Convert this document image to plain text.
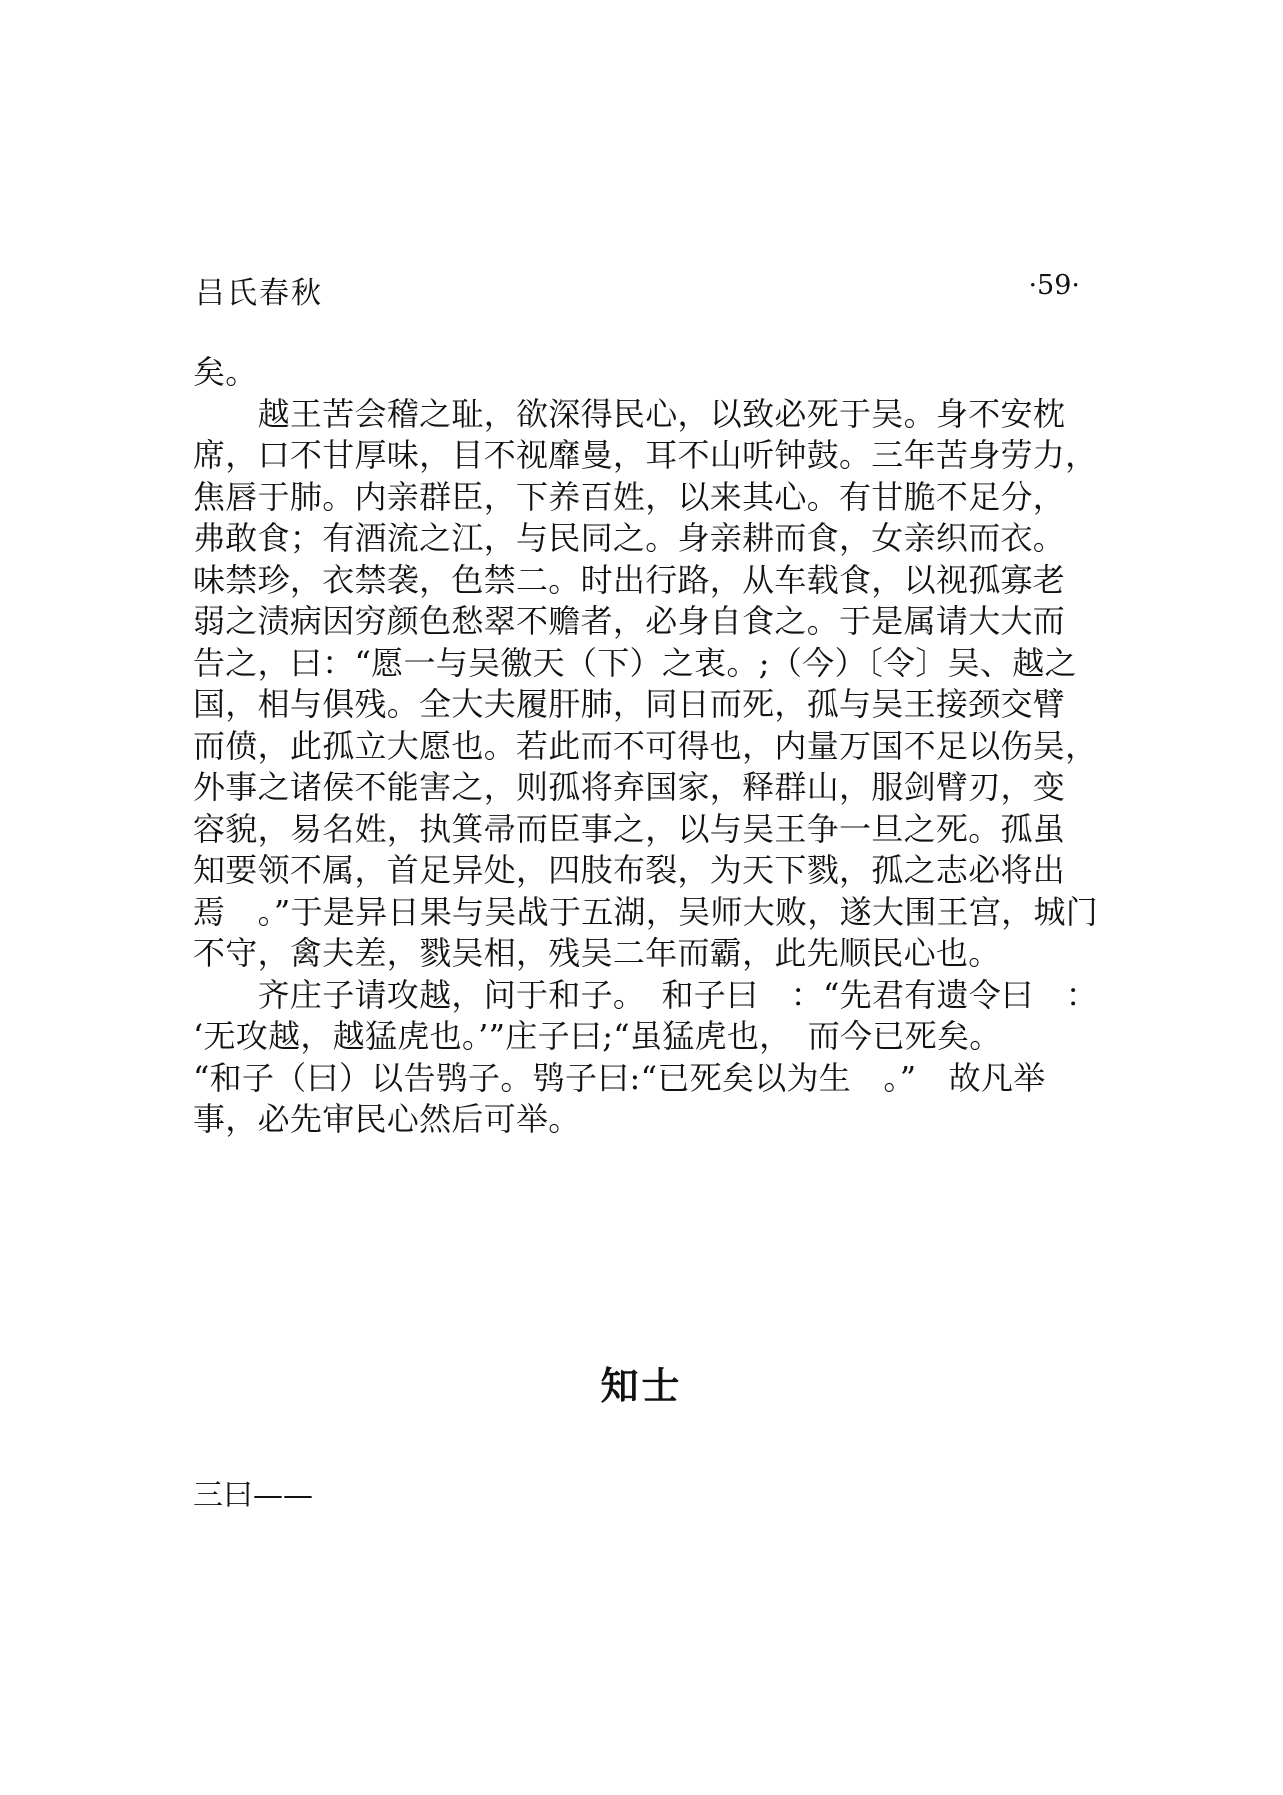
吕氏春秋	·59·
矣。
　　越王苦会稽之耻，欲深得民心，以致必死于吴。身不安枕
席，口不甘厚味，目不视靡曼，耳不山听钟鼓。三年苦身劳力，
焦唇于肺。内亲群臣，下养百姓，以来其心。有甘脆不足分，
弗敢食；有酒流之江，与民同之。身亲耕而食，女亲织而衣。
味禁珍，衣禁袭，色禁二。时出行路，从车载食，以视孤寡老
弱之渍病因穷颜色愁翠不赡者，必身自食之。于是属请大大而
告之，曰：“愿一与吴徼天（下）之衷。;（今）〔令〕吴、越之
国，相与俱残。全大夫履肝肺，同日而死，孤与吴王接颈交臂
而偾，此孤立大愿也。若此而不可得也，内量万国不足以伤吴，
外事之诸侯不能害之，则孤将弃国家，释群山，服剑臂刃，变
容貌，易名姓，执箕帚而臣事之，以与吴王争一旦之死。孤虽
知要领不属，首足异处，四肢布裂，为天下戮，孤之志必将出
焉　。”于是异日果与吴战于五湖，吴师大败，遂大围王宫，城门
不守，禽夫差，戮吴相，残吴二年而霸，此先顺民心也。
　　齐庄子请攻越，问于和子。　和子曰　：“先君有遗令曰　：
‘无攻越，越猛虎也。’”庄子曰;“虽猛虎也，　而今已死矣。
“和子（曰）以告鸮子。鸮子曰:“已死矣以为生　。”　故凡举
事，必先审民心然后可举。
知士
三曰——
